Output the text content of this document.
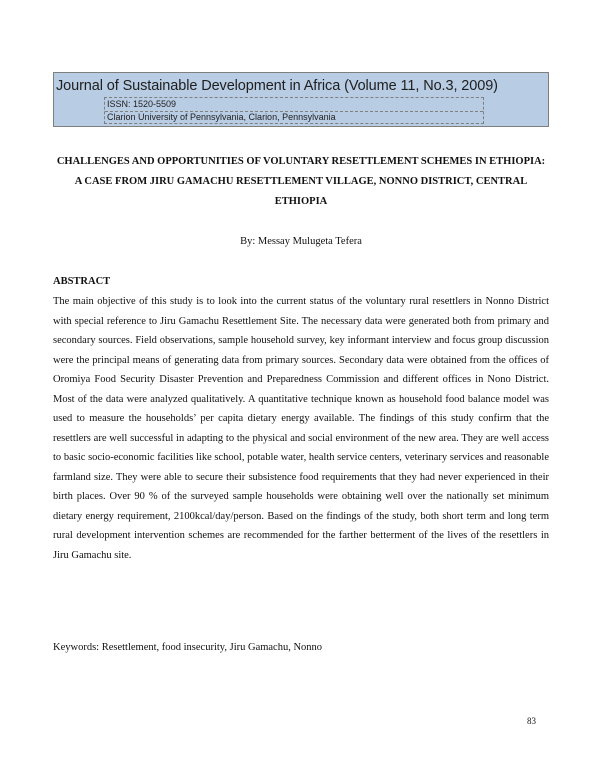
Journal of Sustainable Development in Africa (Volume 11, No.3, 2009)
ISSN: 1520-5509
Clarion University of Pennsylvania, Clarion, Pennsylvania
CHALLENGES AND OPPORTUNITIES OF VOLUNTARY RESETTLEMENT SCHEMES IN ETHIOPIA: A CASE FROM JIRU GAMACHU RESETTLEMENT VILLAGE, NONNO DISTRICT, CENTRAL ETHIOPIA
By: Messay Mulugeta Tefera
ABSTRACT

The main objective of this study is to look into the current status of the voluntary rural resettlers in Nonno District with special reference to Jiru Gamachu Resettlement Site. The necessary data were generated both from primary and secondary sources. Field observations, sample household survey, key informant interview and focus group discussion were the principal means of generating data from primary sources. Secondary data were obtained from the offices of Oromiya Food Security Disaster Prevention and Preparedness Commission and different offices in Nono District. Most of the data were analyzed qualitatively. A quantitative technique known as household food balance model was used to measure the households’ per capita dietary energy available. The findings of this study confirm that the resettlers are well successful in adapting to the physical and social environment of the new area. They are well access to basic socio-economic facilities like school, potable water, health service centers, veterinary services and reasonable farmland size. They were able to secure their subsistence food requirements that they had never experienced in their birth places. Over 90 % of the surveyed sample households were obtaining well over the nationally set minimum dietary energy requirement, 2100kcal/day/person. Based on the findings of the study, both short term and long term rural development intervention schemes are recommended for the farther betterment of the lives of the resettlers in Jiru Gamachu site.

Keywords: Resettlement, food insecurity, Jiru Gamachu, Nonno
83
